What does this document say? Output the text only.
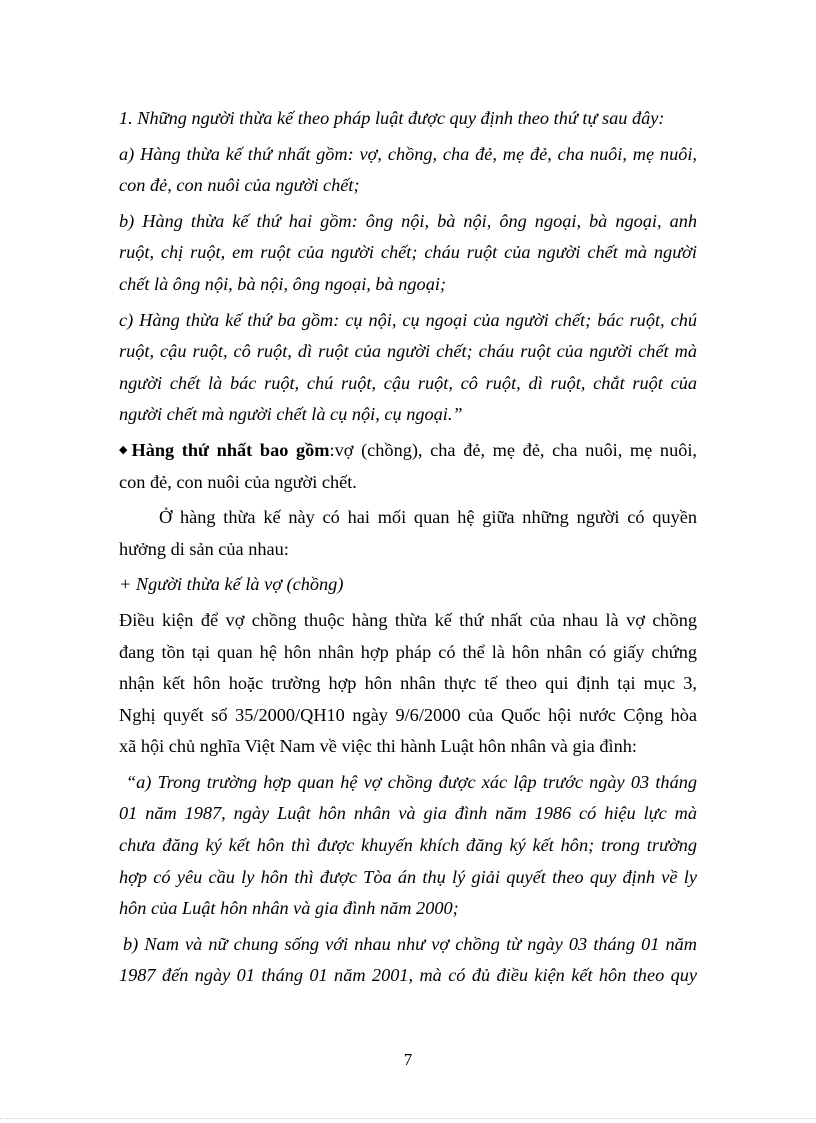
1. Những người thừa kế theo pháp luật được quy định theo thứ tự sau đây:
a) Hàng thừa kế thứ nhất gồm: vợ, chồng, cha đẻ, mẹ đẻ, cha nuôi, mẹ nuôi,
con đẻ, con nuôi của người chết;
b) Hàng thừa kế thứ hai gồm: ông nội, bà nội, ông ngoại, bà ngoại, anh
ruột, chị ruột, em ruột của người chết; cháu ruột của người chết mà người
chết là ông nội, bà nội, ông ngoại, bà ngoại;
c) Hàng thừa kế thứ ba gồm: cụ nội, cụ ngoại của người chết; bác ruột, chú
ruột, cậu ruột, cô ruột, dì ruột của người chết; cháu ruột của người chết mà
người chết là bác ruột, chú ruột, cậu ruột, cô ruột, dì ruột, chắt ruột của
người chết mà người chết là cụ nội, cụ ngoại.”
◆ Hàng thứ nhất bao gồm:vợ (chồng), cha đẻ, mẹ đẻ, cha nuôi, mẹ nuôi,
con đẻ, con nuôi của người chết.
Ở hàng thừa kế này có hai mối quan hệ giữa những người có quyền
hưởng di sản của nhau:
+ Người thừa kế là vợ (chồng)
Điều kiện để vợ chồng thuộc hàng thừa kế thứ nhất của nhau là vợ chồng
đang tồn tại quan hệ hôn nhân hợp pháp có thể là hôn nhân có giấy chứng
nhận kết hôn hoặc trường hợp hôn nhân thực tế theo qui định tại mục 3,
Nghị quyết số 35/2000/QH10 ngày 9/6/2000 của Quốc hội nước Cộng hòa
xã hội chủ nghĩa Việt Nam về việc thi hành Luật hôn nhân và gia đình:
“a) Trong trường hợp quan hệ vợ chồng được xác lập trước ngày 03 tháng
01 năm 1987, ngày Luật hôn nhân và gia đình năm 1986 có hiệu lực mà
chưa đăng ký kết hôn thì được khuyến khích đăng ký kết hôn; trong trường
hợp có yêu cầu ly hôn thì được Tòa án thụ lý giải quyết theo quy định về ly
hôn của Luật hôn nhân và gia đình năm 2000;
b) Nam và nữ chung sống với nhau như vợ chồng từ ngày 03 tháng 01 năm
1987 đến ngày 01 tháng 01 năm 2001, mà có đủ điều kiện kết hôn theo quy
7
